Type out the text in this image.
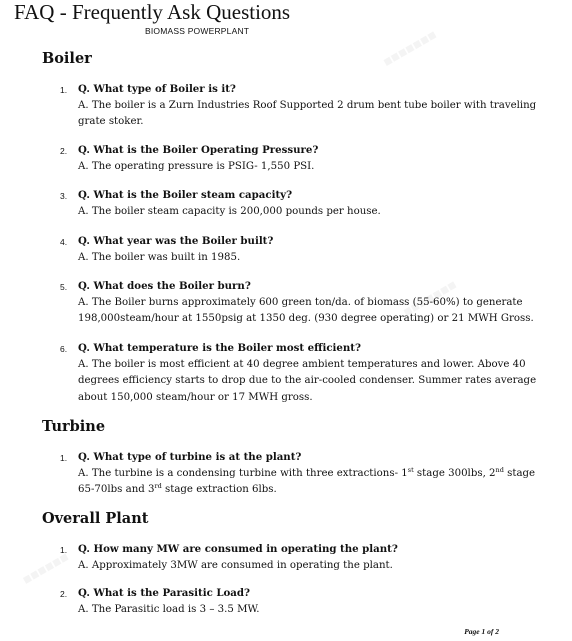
FAQ - Frequently Ask Questions
BIOMASS POWERPLANT
Boiler
1. Q. What type of Boiler is it?
A. The boiler is a Zurn Industries Roof Supported 2 drum bent tube boiler with traveling grate stoker.
2. Q. What is the Boiler Operating Pressure?
A. The operating pressure is PSIG- 1,550 PSI.
3. Q. What is the Boiler steam capacity?
A. The boiler steam capacity is 200,000 pounds per house.
4. Q. What year was the Boiler built?
A. The boiler was built in 1985.
5. Q. What does the Boiler burn?
A. The Boiler burns approximately 600 green ton/da. of biomass (55-60%) to generate 198,000steam/hour at 1550psig at 1350 deg. (930 degree operating) or 21 MWH Gross.
6. Q. What temperature is the Boiler most efficient?
A. The boiler is most efficient at 40 degree ambient temperatures and lower. Above 40 degrees efficiency starts to drop due to the air-cooled condenser. Summer rates average about 150,000 steam/hour or 17 MWH gross.
Turbine
1. Q. What type of turbine is at the plant?
A. The turbine is a condensing turbine with three extractions- 1st stage 300lbs, 2nd stage 65-70lbs and 3rd stage extraction 6lbs.
Overall Plant
1. Q. How many MW are consumed in operating the plant?
A. Approximately 3MW are consumed in operating the plant.
2. Q. What is the Parasitic Load?
A. The Parasitic load is 3 – 3.5 MW.
Page 1 of 2
